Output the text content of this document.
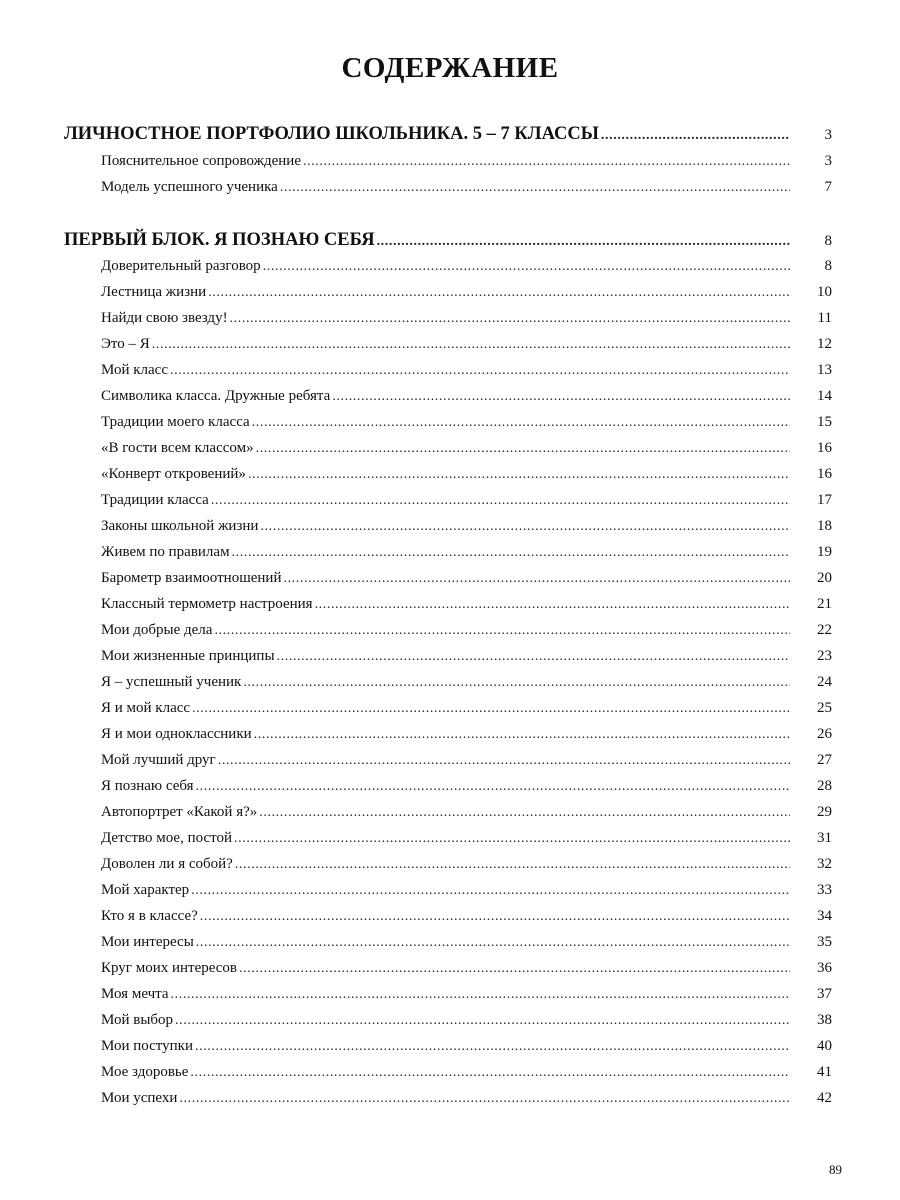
СОДЕРЖАНИЕ
ЛИЧНОСТНОЕ ПОРТФОЛИО ШКОЛЬНИКА. 5 – 7 КЛАССЫ .....	3
Пояснительное сопровождение .....	3
Модель успешного ученика .....	7
ПЕРВЫЙ БЛОК. Я ПОЗНАЮ СЕБЯ .....	8
Доверительный разговор .....	8
Лестница жизни .....	10
Найди свою звезду! .....	11
Это – Я .....	12
Мой класс .....	13
Символика класса. Дружные ребята .....	14
Традиции моего класса .....	15
«В гости всем классом» .....	16
«Конверт откровений» .....	16
Традиции класса .....	17
Законы школьной жизни .....	18
Живем по правилам .....	19
Барометр взаимоотношений .....	20
Классный термометр настроения .....	21
Мои добрые дела .....	22
Мои жизненные принципы .....	23
Я – успешный ученик .....	24
Я и мой класс .....	25
Я и мои одноклассники .....	26
Мой лучший друг .....	27
Я познаю себя .....	28
Автопортрет «Какой я?» .....	29
Детство мое, постой .....	31
Доволен ли я собой? .....	32
Мой характер .....	33
Кто я в классе? .....	34
Мои интересы .....	35
Круг моих интересов .....	36
Моя мечта .....	37
Мой выбор .....	38
Мои поступки .....	40
Мое здоровье .....	41
Мои успехи .....	42
89
